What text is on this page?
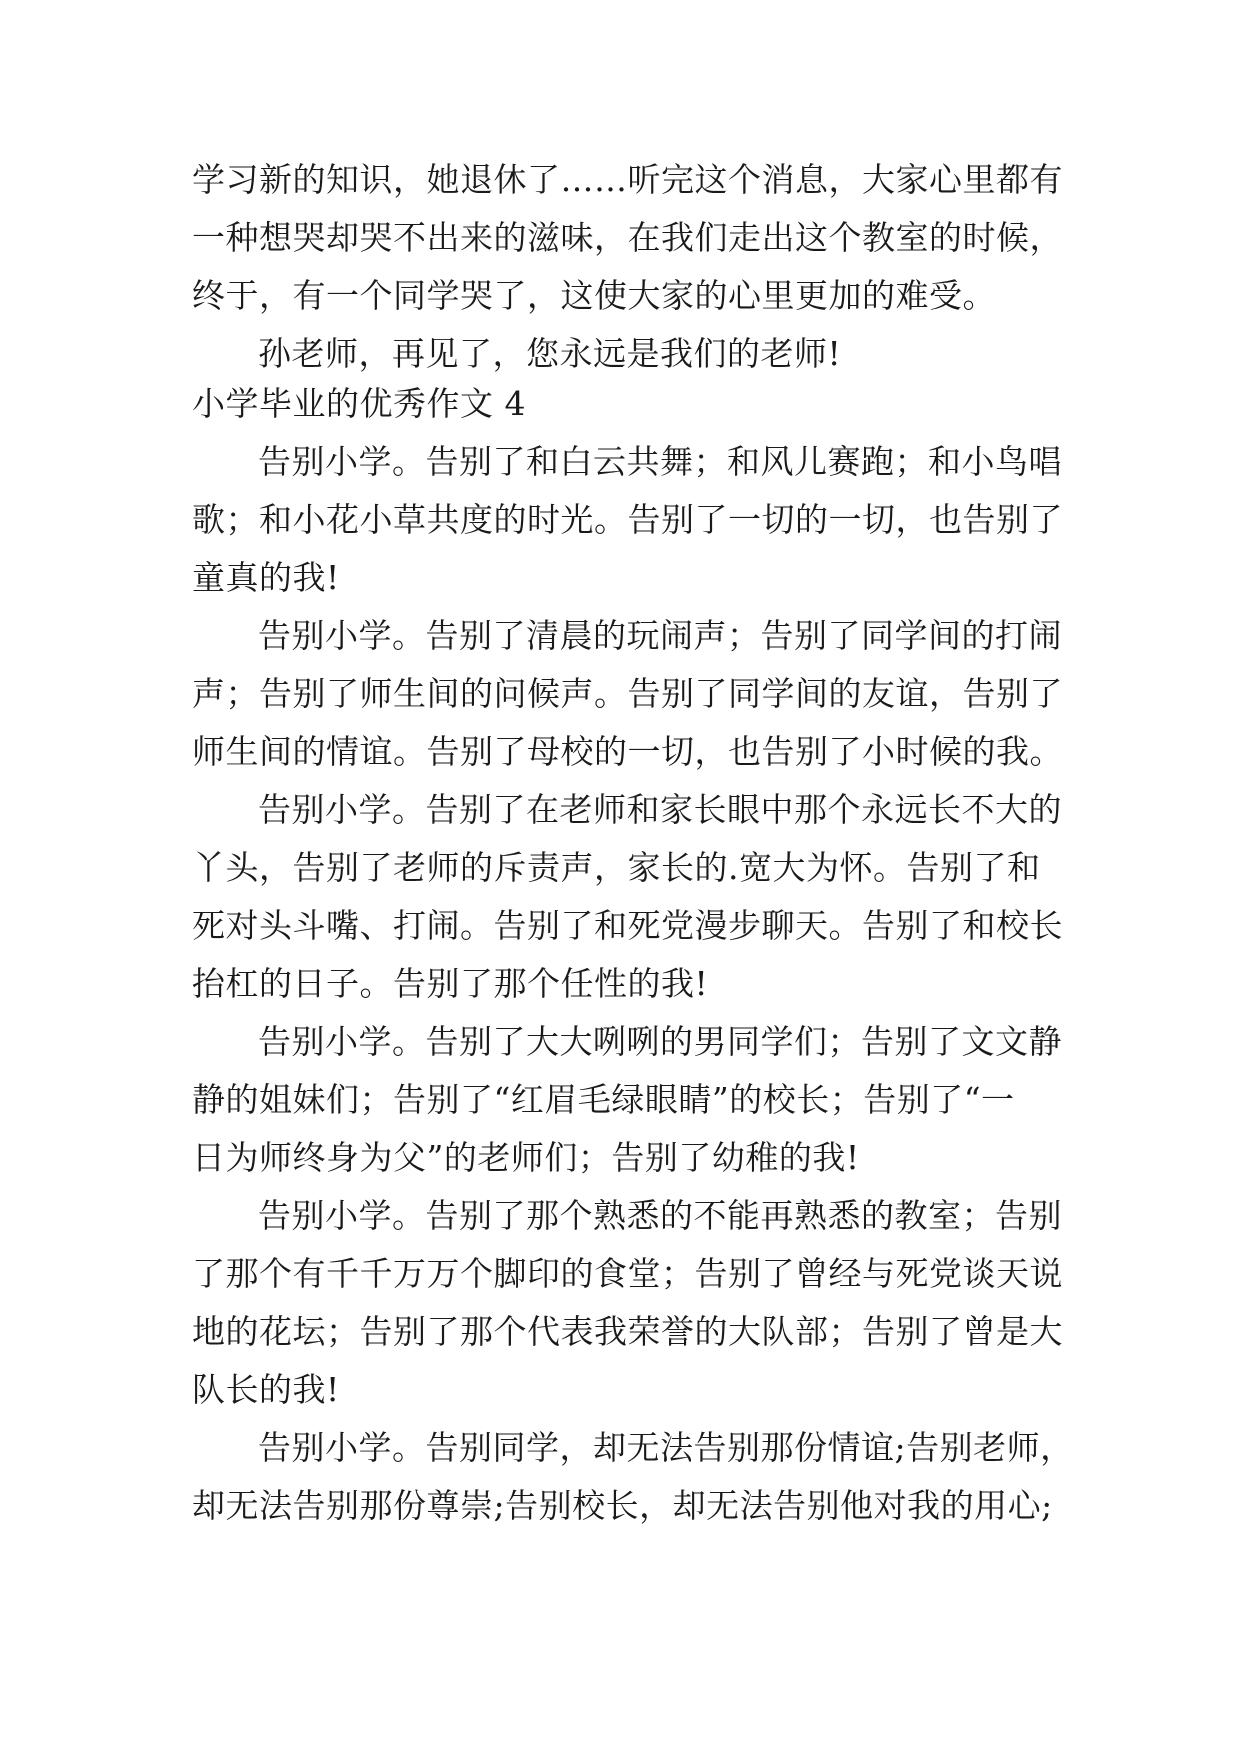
学习新的知识，她退休了……听完这个消息，大家心里都有
一种想哭却哭不出来的滋味，在我们走出这个教室的时候，
终于，有一个同学哭了，这使大家的心里更加的难受。
孙老师，再见了，您永远是我们的老师!
小学毕业的优秀作文 4
告别小学。告别了和白云共舞；和风儿赛跑；和小鸟唱
歌；和小花小草共度的时光。告别了一切的一切，也告别了
童真的我!
告别小学。告别了清晨的玩闹声；告别了同学间的打闹
声；告别了师生间的问候声。告别了同学间的友谊，告别了
师生间的情谊。告别了母校的一切，也告别了小时候的我。
告别小学。告别了在老师和家长眼中那个永远长不大的
丫头，告别了老师的斥责声，家长的.宽大为怀。告别了和
死对头斗嘴、打闹。告别了和死党漫步聊天。告别了和校长
抬杠的日子。告别了那个任性的我!
告别小学。告别了大大咧咧的男同学们；告别了文文静
静的姐妹们；告别了“红眉毛绿眼睛”的校长；告别了“一
日为师终身为父”的老师们；告别了幼稚的我!
告别小学。告别了那个熟悉的不能再熟悉的教室；告别
了那个有千千万万个脚印的食堂；告别了曾经与死党谈天说
地的花坛；告别了那个代表我荣誉的大队部；告别了曾是大
队长的我!
告别小学。告别同学，却无法告别那份情谊;告别老师，
却无法告别那份尊崇;告别校长，却无法告别他对我的用心;
